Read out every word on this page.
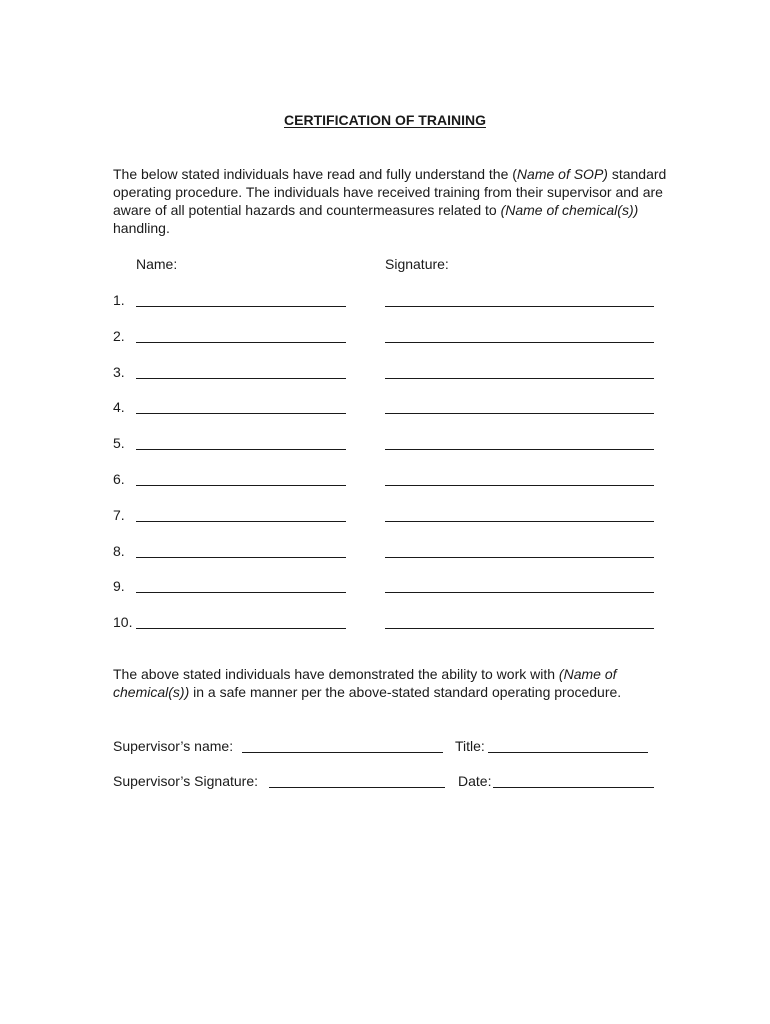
CERTIFICATION OF TRAINING
The below stated individuals have read and fully understand the (Name of SOP) standard operating procedure. The individuals have received training from their supervisor and are aware of all potential hazards and countermeasures related to (Name of chemical(s)) handling.
Name:	Signature:
1.
2.
3.
4.
5.
6.
7.
8.
9.
10.
The above stated individuals have demonstrated the ability to work with (Name of chemical(s)) in a safe manner per the above-stated standard operating procedure.
Supervisor’s name:	Title:
Supervisor’s Signature:	Date:
